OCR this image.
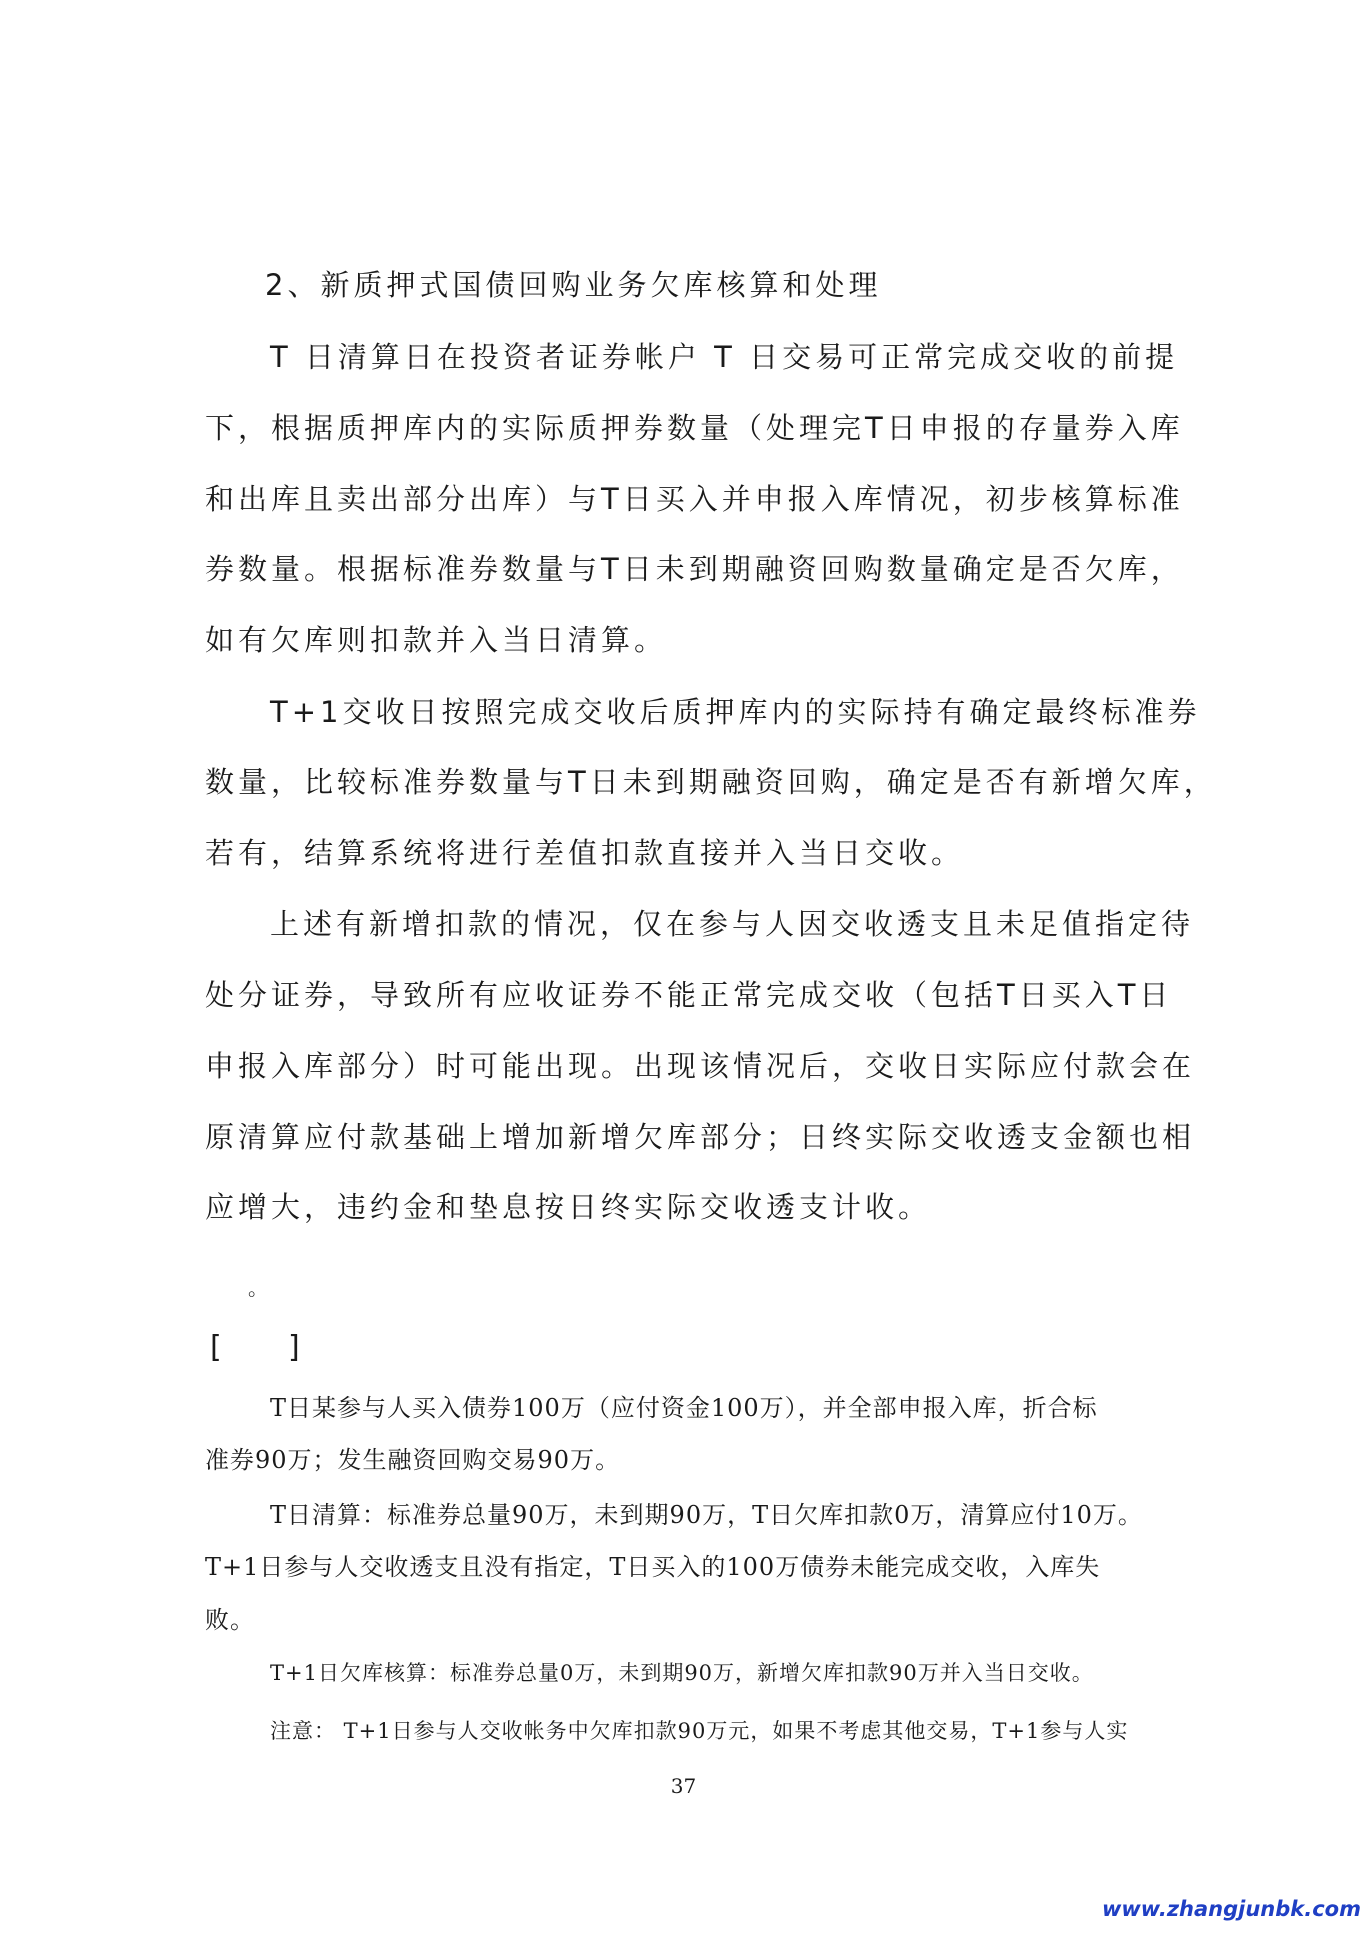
2、新质押式国债回购业务欠库核算和处理
T 日清算日在投资者证券帐户 T 日交易可正常完成交收的前提
下，根据质押库内的实际质押券数量（处理完T日申报的存量券入库
和出库且卖出部分出库）与T日买入并申报入库情况，初步核算标准
券数量。根据标准券数量与T日未到期融资回购数量确定是否欠库，
如有欠库则扣款并入当日清算。
T+1交收日按照完成交收后质押库内的实际持有确定最终标准券
数量，比较标准券数量与T日未到期融资回购，确定是否有新增欠库，
若有，结算系统将进行差值扣款直接并入当日交收。
上述有新增扣款的情况，仅在参与人因交收透支且未足值指定待
处分证券，导致所有应收证券不能正常完成交收（包括T日买入T日
申报入库部分）时可能出现。出现该情况后，交收日实际应付款会在
原清算应付款基础上增加新增欠库部分；日终实际交收透支金额也相
应增大，违约金和垫息按日终实际交收透支计收。
。
[ ]
T日某参与人买入债券100万（应付资金100万），并全部申报入库，折合标
准券90万；发生融资回购交易90万。
T日清算：标准券总量90万，未到期90万，T日欠库扣款0万，清算应付10万。
T+1日参与人交收透支且没有指定，T日买入的100万债券未能完成交收，入库失
败。
T+1日欠库核算：标准券总量0万，未到期90万，新增欠库扣款90万并入当日交收。
注意： T+1日参与人交收帐务中欠库扣款90万元，如果不考虑其他交易，T+1参与人实
37
www.zhangjunbk.com
